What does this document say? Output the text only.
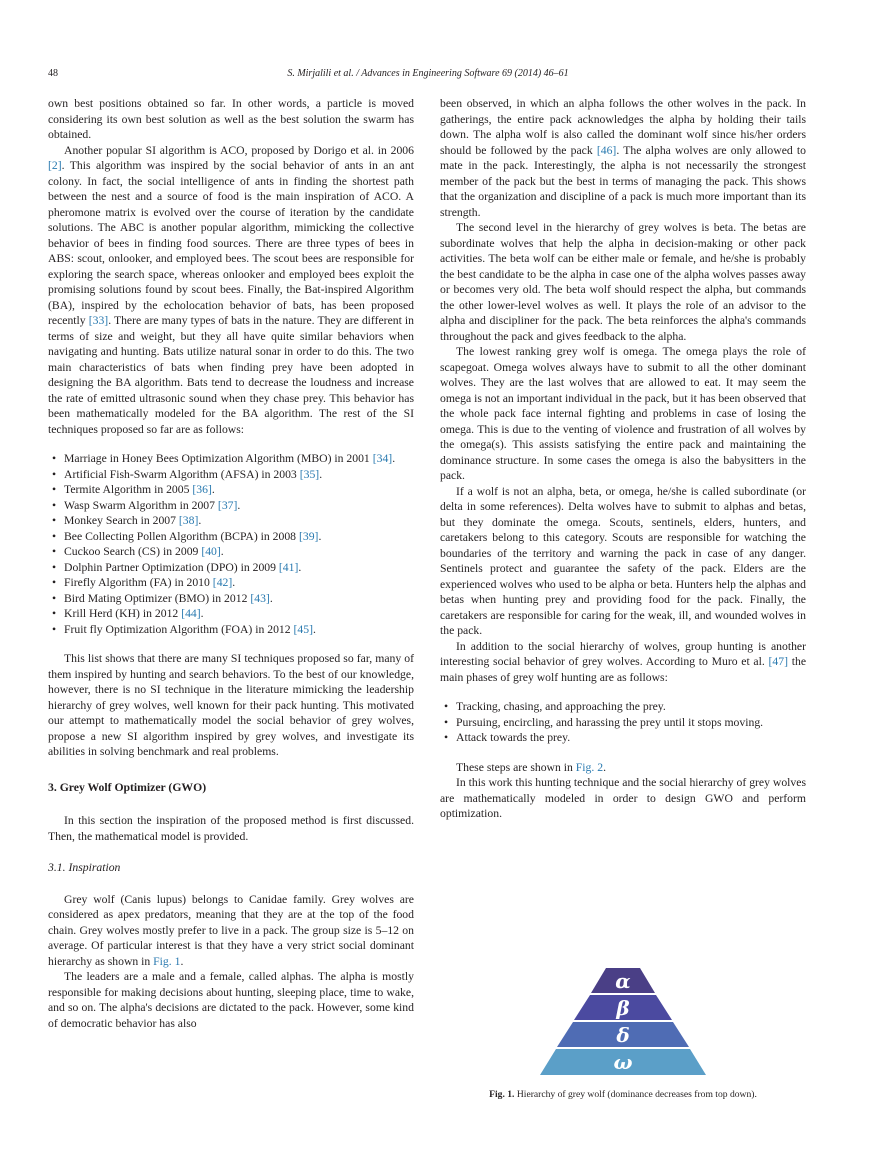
48	S. Mirjalili et al. / Advances in Engineering Software 69 (2014) 46–61

own best positions obtained so far. In other words, a particle is moved considering its own best solution as well as the best solution the swarm has obtained.

Another popular SI algorithm is ACO, proposed by Dorigo et al. in 2006 [2]. This algorithm was inspired by the social behavior of ants in an ant colony. In fact, the social intelligence of ants in finding the shortest path between the nest and a source of food is the main inspiration of ACO. A pheromone matrix is evolved over the course of iteration by the candidate solutions. The ABC is another popular algorithm, mimicking the collective behavior of bees in finding food sources. There are three types of bees in ABS: scout, onlooker, and employed bees. The scout bees are responsible for exploring the search space, whereas onlooker and employed bees exploit the promising solutions found by scout bees. Finally, the Bat-inspired Algorithm (BA), inspired by the echolocation behavior of bats, has been proposed recently [33]. There are many types of bats in the nature. They are different in terms of size and weight, but they all have quite similar behaviors when navigating and hunting. Bats utilize natural sonar in order to do this. The two main characteristics of bats when finding prey have been adopted in designing the BA algorithm. Bats tend to decrease the loudness and increase the rate of emitted ultrasonic sound when they chase prey. This behavior has been mathematically modeled for the BA algorithm. The rest of the SI techniques proposed so far are as follows:

• Marriage in Honey Bees Optimization Algorithm (MBO) in 2001 [34].
• Artificial Fish-Swarm Algorithm (AFSA) in 2003 [35].
• Termite Algorithm in 2005 [36].
• Wasp Swarm Algorithm in 2007 [37].
• Monkey Search in 2007 [38].
• Bee Collecting Pollen Algorithm (BCPA) in 2008 [39].
• Cuckoo Search (CS) in 2009 [40].
• Dolphin Partner Optimization (DPO) in 2009 [41].
• Firefly Algorithm (FA) in 2010 [42].
• Bird Mating Optimizer (BMO) in 2012 [43].
• Krill Herd (KH) in 2012 [44].
• Fruit fly Optimization Algorithm (FOA) in 2012 [45].

This list shows that there are many SI techniques proposed so far, many of them inspired by hunting and search behaviors. To the best of our knowledge, however, there is no SI technique in the literature mimicking the leadership hierarchy of grey wolves, well known for their pack hunting. This motivated our attempt to mathematically model the social behavior of grey wolves, propose a new SI algorithm inspired by grey wolves, and investigate its abilities in solving benchmark and real problems.

3. Grey Wolf Optimizer (GWO)

In this section the inspiration of the proposed method is first discussed. Then, the mathematical model is provided.

3.1. Inspiration

Grey wolf (Canis lupus) belongs to Canidae family. Grey wolves are considered as apex predators, meaning that they are at the top of the food chain. Grey wolves mostly prefer to live in a pack. The group size is 5–12 on average. Of particular interest is that they have a very strict social dominant hierarchy as shown in Fig. 1.

The leaders are a male and a female, called alphas. The alpha is mostly responsible for making decisions about hunting, sleeping place, time to wake, and so on. The alpha's decisions are dictated to the pack. However, some kind of democratic behavior has also

been observed, in which an alpha follows the other wolves in the pack. In gatherings, the entire pack acknowledges the alpha by holding their tails down. The alpha wolf is also called the dominant wolf since his/her orders should be followed by the pack [46]. The alpha wolves are only allowed to mate in the pack. Interestingly, the alpha is not necessarily the strongest member of the pack but the best in terms of managing the pack. This shows that the organization and discipline of a pack is much more important than its strength.

The second level in the hierarchy of grey wolves is beta. The betas are subordinate wolves that help the alpha in decision-making or other pack activities. The beta wolf can be either male or female, and he/she is probably the best candidate to be the alpha in case one of the alpha wolves passes away or becomes very old. The beta wolf should respect the alpha, but commands the other lower-level wolves as well. It plays the role of an advisor to the alpha and discipliner for the pack. The beta reinforces the alpha's commands throughout the pack and gives feedback to the alpha.

The lowest ranking grey wolf is omega. The omega plays the role of scapegoat. Omega wolves always have to submit to all the other dominant wolves. They are the last wolves that are allowed to eat. It may seem the omega is not an important individual in the pack, but it has been observed that the whole pack face internal fighting and problems in case of losing the omega. This is due to the venting of violence and frustration of all wolves by the omega(s). This assists satisfying the entire pack and maintaining the dominance structure. In some cases the omega is also the babysitters in the pack.

If a wolf is not an alpha, beta, or omega, he/she is called subordinate (or delta in some references). Delta wolves have to submit to alphas and betas, but they dominate the omega. Scouts, sentinels, elders, hunters, and caretakers belong to this category. Scouts are responsible for watching the boundaries of the territory and warning the pack in case of any danger. Sentinels protect and guarantee the safety of the pack. Elders are the experienced wolves who used to be alpha or beta. Hunters help the alphas and betas when hunting prey and providing food for the pack. Finally, the caretakers are responsible for caring for the weak, ill, and wounded wolves in the pack.

In addition to the social hierarchy of wolves, group hunting is another interesting social behavior of grey wolves. According to Muro et al. [47] the main phases of grey wolf hunting are as follows:

• Tracking, chasing, and approaching the prey.
• Pursuing, encircling, and harassing the prey until it stops moving.
• Attack towards the prey.

These steps are shown in Fig. 2.

In this work this hunting technique and the social hierarchy of grey wolves are mathematically modeled in order to design GWO and perform optimization.

α
β
δ
ω
Fig. 1. Hierarchy of grey wolf (dominance decreases from top down).
